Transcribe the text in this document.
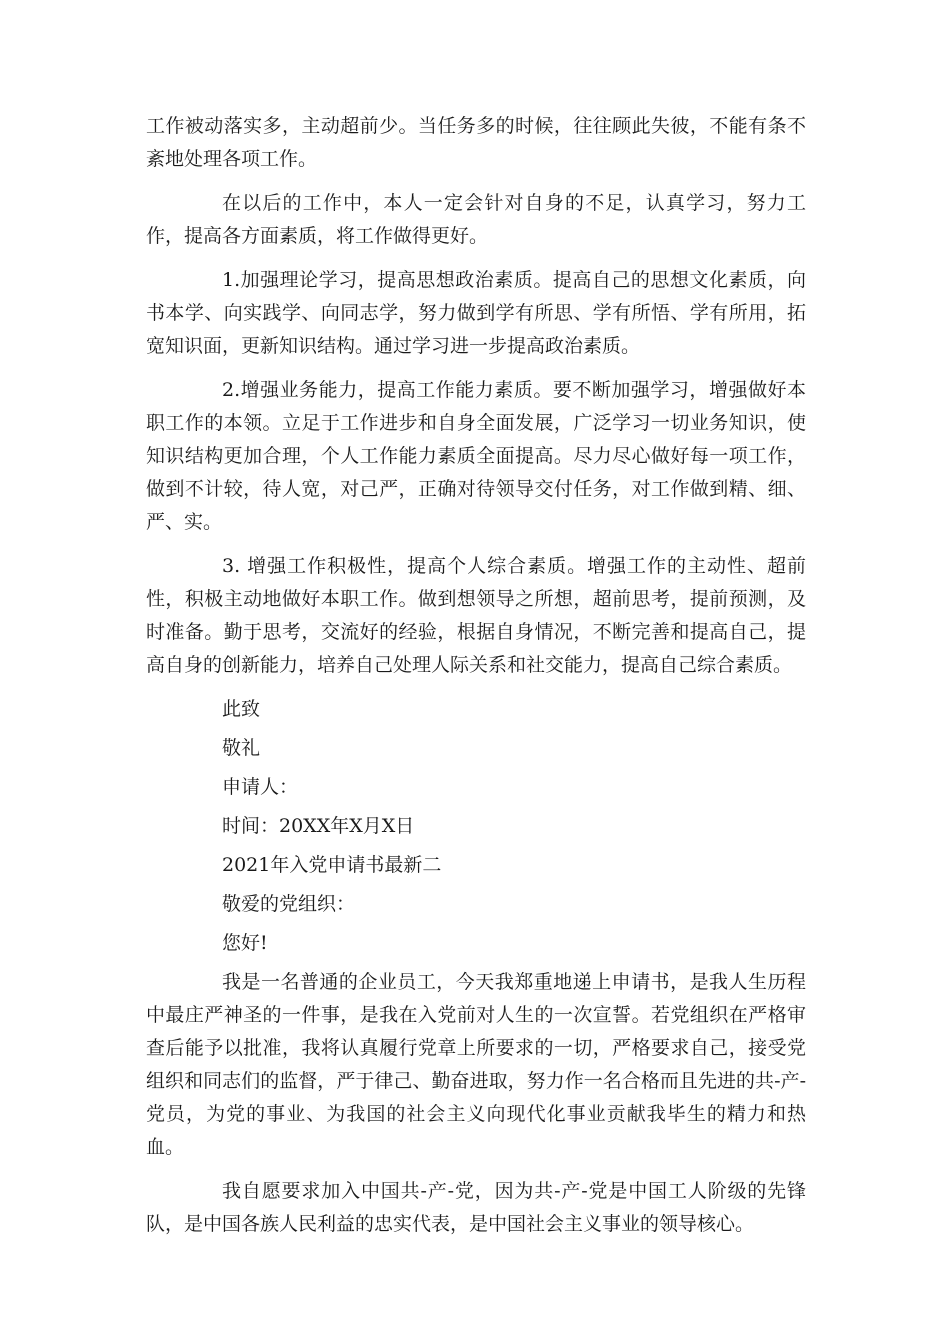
工作被动落实多，主动超前少。当任务多的时候，往往顾此失彼，不能有条不紊地处理各项工作。

在以后的工作中，本人一定会针对自身的不足，认真学习，努力工作，提高各方面素质，将工作做得更好。

1.加强理论学习，提高思想政治素质。提高自己的思想文化素质，向书本学、向实践学、向同志学，努力做到学有所思、学有所悟、学有所用，拓宽知识面，更新知识结构。通过学习进一步提高政治素质。

2.增强业务能力，提高工作能力素质。要不断加强学习，增强做好本职工作的本领。立足于工作进步和自身全面发展，广泛学习一切业务知识，使知识结构更加合理，个人工作能力素质全面提高。尽力尽心做好每一项工作，做到不计较，待人宽，对己严，正确对待领导交付任务，对工作做到精、细、严、实。

3. 增强工作积极性，提高个人综合素质。增强工作的主动性、超前性，积极主动地做好本职工作。做到想领导之所想，超前思考，提前预测，及时准备。勤于思考，交流好的经验，根据自身情况，不断完善和提高自己，提高自身的创新能力，培养自己处理人际关系和社交能力，提高自己综合素质。

此致

敬礼

申请人：

时间：20XX年X月X日

2021年入党申请书最新二

敬爱的党组织：

您好!

我是一名普通的企业员工，今天我郑重地递上申请书，是我人生历程中最庄严神圣的一件事，是我在入党前对人生的一次宣誓。若党组织在严格审查后能予以批准，我将认真履行党章上所要求的一切，严格要求自己，接受党组织和同志们的监督，严于律己、勤奋进取，努力作一名合格而且先进的共-产-党员，为党的事业、为我国的社会主义向现代化事业贡献我毕生的精力和热血。

我自愿要求加入中国共-产-党，因为共-产-党是中国工人阶级的先锋队，是中国各族人民利益的忠实代表，是中国社会主义事业的领导核心。
